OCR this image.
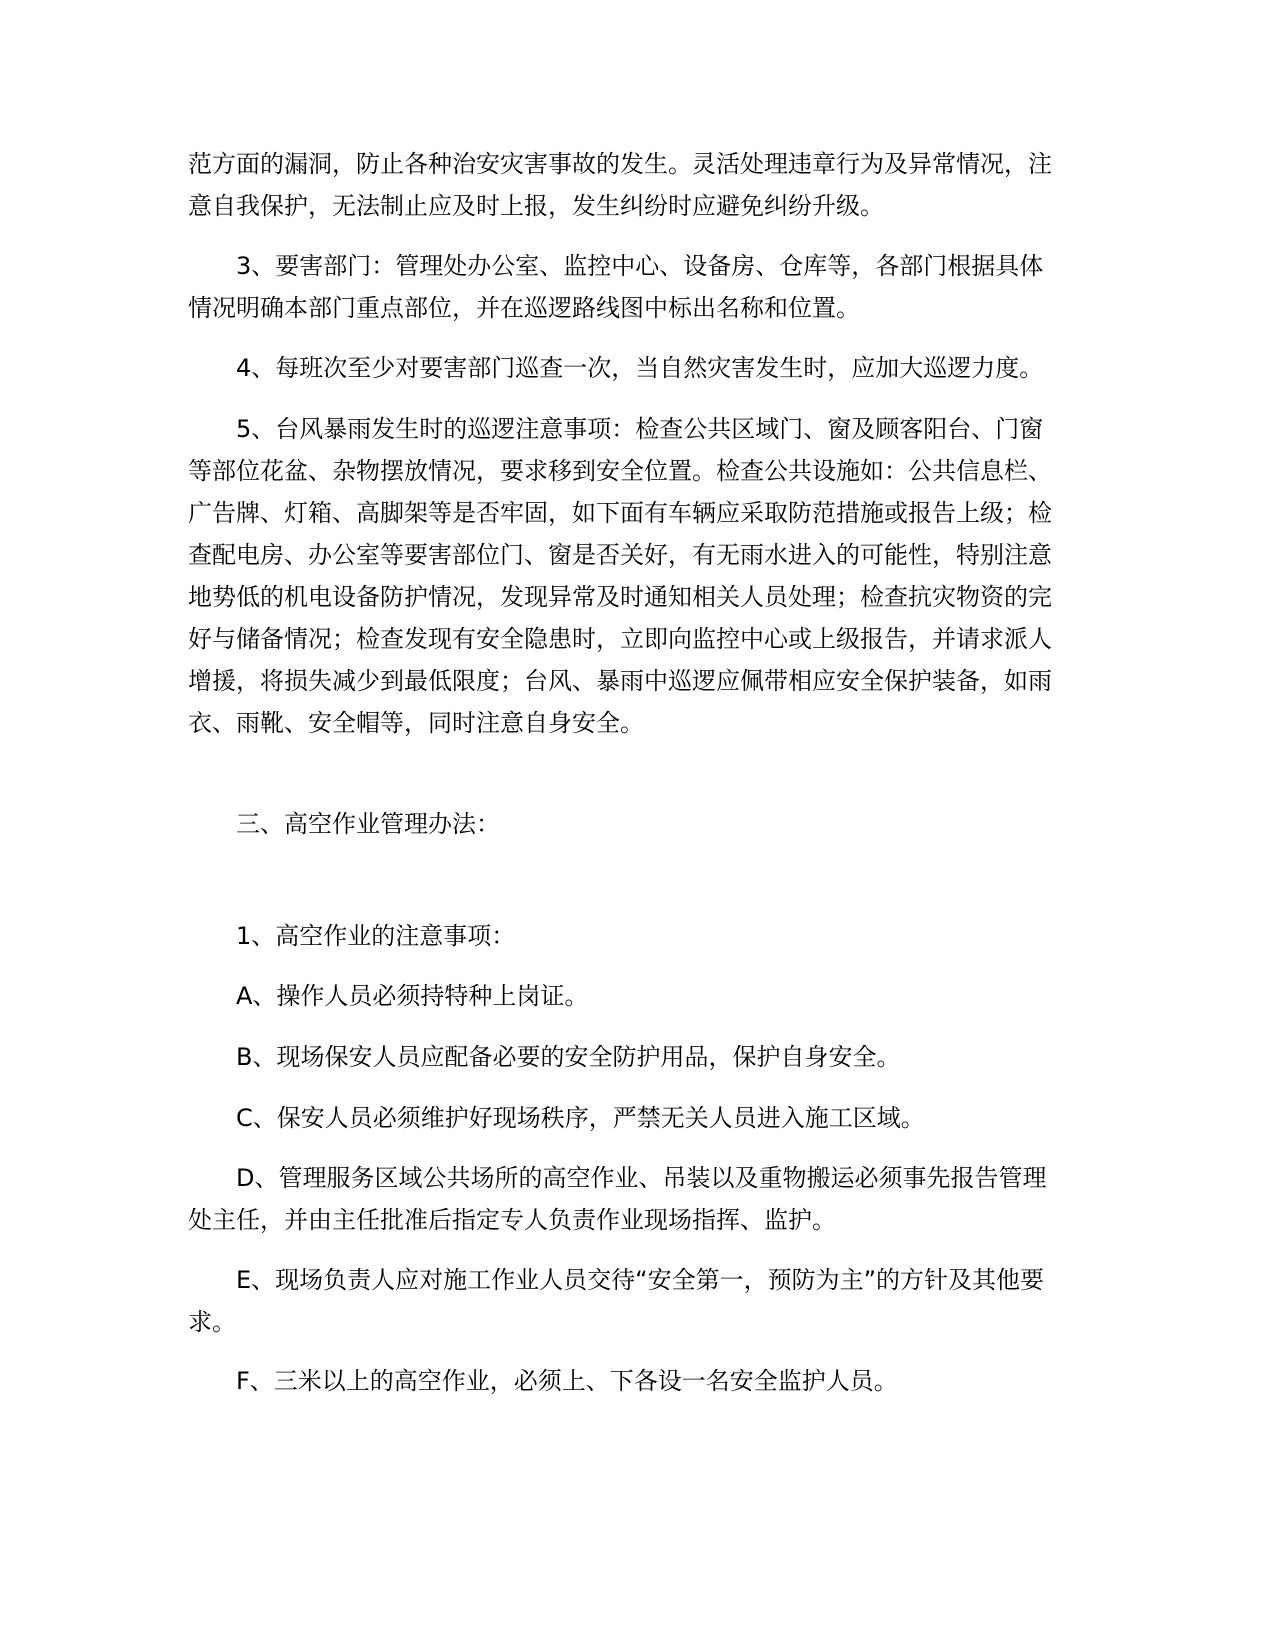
范方面的漏洞，防止各种治安灾害事故的发生。灵活处理违章行为及异常情况，注
意自我保护，无法制止应及时上报，发生纠纷时应避免纠纷升级。
　　3、要害部门：管理处办公室、监控中心、设备房、仓库等，各部门根据具体
情况明确本部门重点部位，并在巡逻路线图中标出名称和位置。
　　4、每班次至少对要害部门巡查一次，当自然灾害发生时，应加大巡逻力度。
　　5、台风暴雨发生时的巡逻注意事项：检查公共区域门、窗及顾客阳台、门窗
等部位花盆、杂物摆放情况，要求移到安全位置。检查公共设施如：公共信息栏、
广告牌、灯箱、高脚架等是否牢固，如下面有车辆应采取防范措施或报告上级；检
查配电房、办公室等要害部位门、窗是否关好，有无雨水进入的可能性，特别注意
地势低的机电设备防护情况，发现异常及时通知相关人员处理；检查抗灾物资的完
好与储备情况；检查发现有安全隐患时，立即向监控中心或上级报告，并请求派人
增援，将损失减少到最低限度；台风、暴雨中巡逻应佩带相应安全保护装备，如雨
衣、雨靴、安全帽等，同时注意自身安全。
　　三、高空作业管理办法：
　　1、高空作业的注意事项：
　　A、操作人员必须持特种上岗证。
　　B、现场保安人员应配备必要的安全防护用品，保护自身安全。
　　C、保安人员必须维护好现场秩序，严禁无关人员进入施工区域。
　　D、管理服务区域公共场所的高空作业、吊装以及重物搬运必须事先报告管理
处主任，并由主任批准后指定专人负责作业现场指挥、监护。
　　E、现场负责人应对施工作业人员交待“安全第一，预防为主”的方针及其他要
求。
　　F、三米以上的高空作业，必须上、下各设一名安全监护人员。
